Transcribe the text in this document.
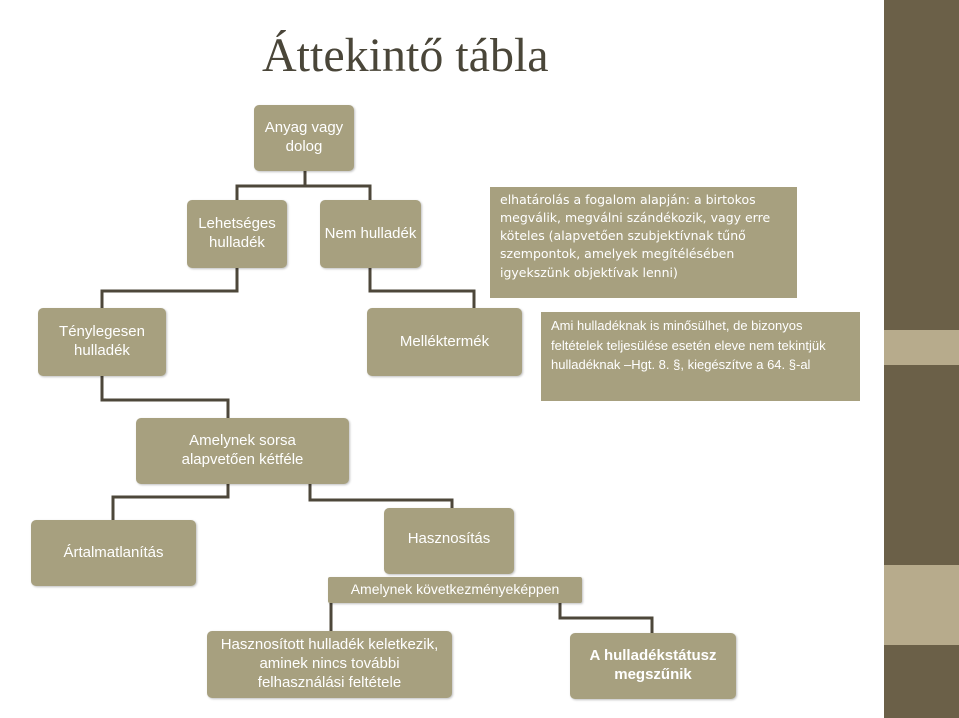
Áttekintő tábla
Anyag vagy dolog
Lehetséges hulladék
Nem hulladék
elhatárolás a fogalom alapján: a birtokos megválik, megválni szándékozik, vagy erre köteles (alapvetően szubjektívnak tűnő szempontok, amelyek megítélésében igyekszünk objektívak lenni)
Ténylegesen hulladék
Melléktermék
Ami hulladéknak is minősülhet, de bizonyos feltételek teljesülése esetén eleve nem tekintjük hulladéknak –Hgt. 8. §, kiegészítve a 64. §-al
Amelynek sorsa alapvetően kétféle
Ártalmatlanítás
Hasznosítás
Amelynek következményeképpen
Hasznosított hulladék keletkezik, aminek nincs további felhasználási feltétele
A hulladékstátusz megszűnik
